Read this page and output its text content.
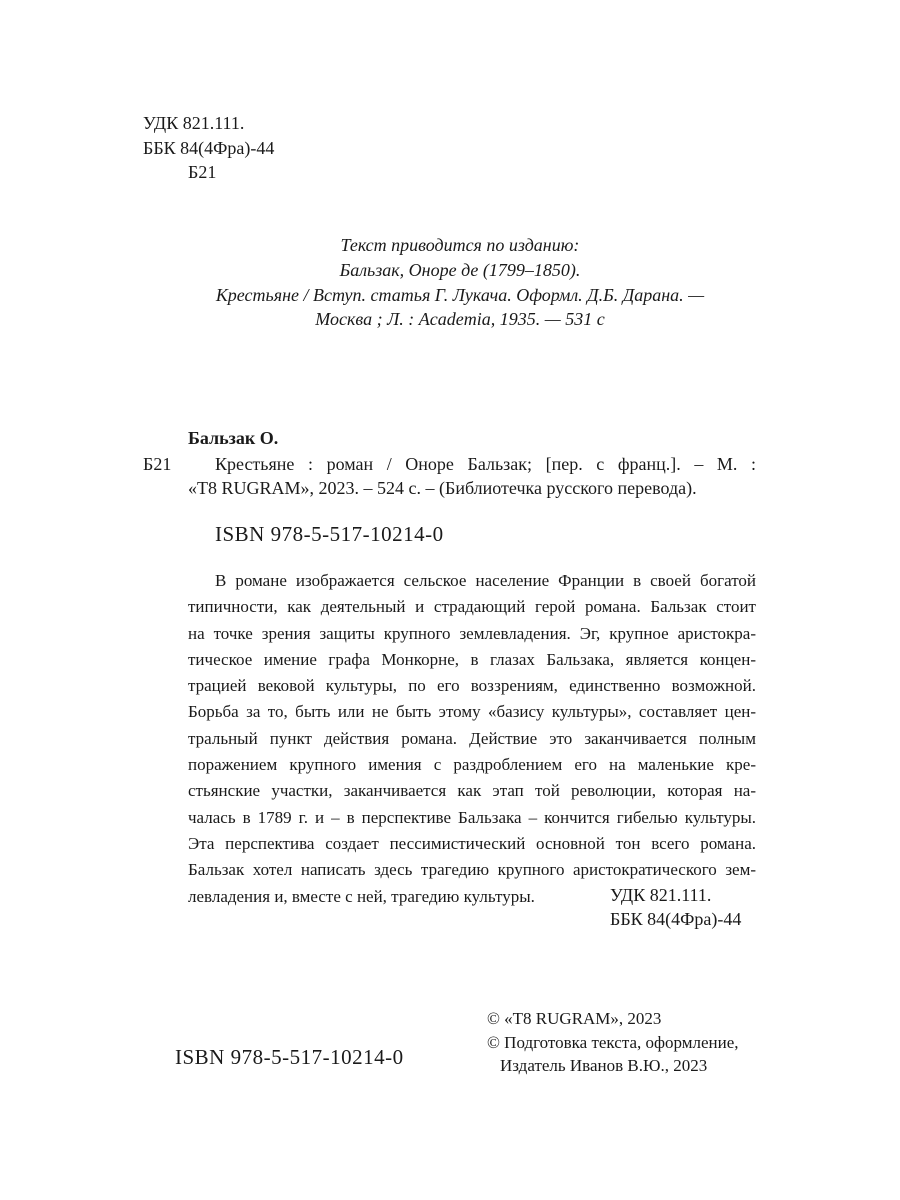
УДК 821.111.
ББК 84(4Фра)-44
Б21
Текст приводится по изданию:
Бальзак, Оноре де (1799–1850).
Крестьяне / Вступ. статья Г. Лукача. Оформл. Д.Б. Дарана. —
Москва ; Л. : Academia, 1935. — 531 с
Бальзак О.
Б21 Крестьяне : роман / Оноре Бальзак; [пер. с франц.]. – М. :
«T8 RUGRAM», 2023. – 524 с. – (Библиотечка русского перевода).
ISBN 978-5-517-10214-0
В романе изображается сельское население Франции в своей богатой
типичности, как деятельный и страдающий герой романа. Бальзак стоит
на точке зрения защиты крупного землевладения. Эг, крупное аристокра-
тическое имение графа Монкорне, в глазах Бальзака, является концен-
трацией вековой культуры, по его воззрениям, единственно возможной.
Борьба за то, быть или не быть этому «базису культуры», составляет цен-
тральный пункт действия романа. Действие это заканчивается полным
поражением крупного имения с раздроблением его на маленькие кре-
стьянские участки, заканчивается как этап той революции, которая на-
чалась в 1789 г. и – в перспективе Бальзака – кончится гибелью культуры.
Эта перспектива создает пессимистический основной тон всего романа.
Бальзак хотел написать здесь трагедию крупного аристократического зем-
левладения и, вместе с ней, трагедию культуры.	УДК 821.111.
ББК 84(4Фра)-44
© «T8 RUGRAM», 2023
© Подготовка текста, оформление,
Издатель Иванов В.Ю., 2023
ISBN 978-5-517-10214-0
